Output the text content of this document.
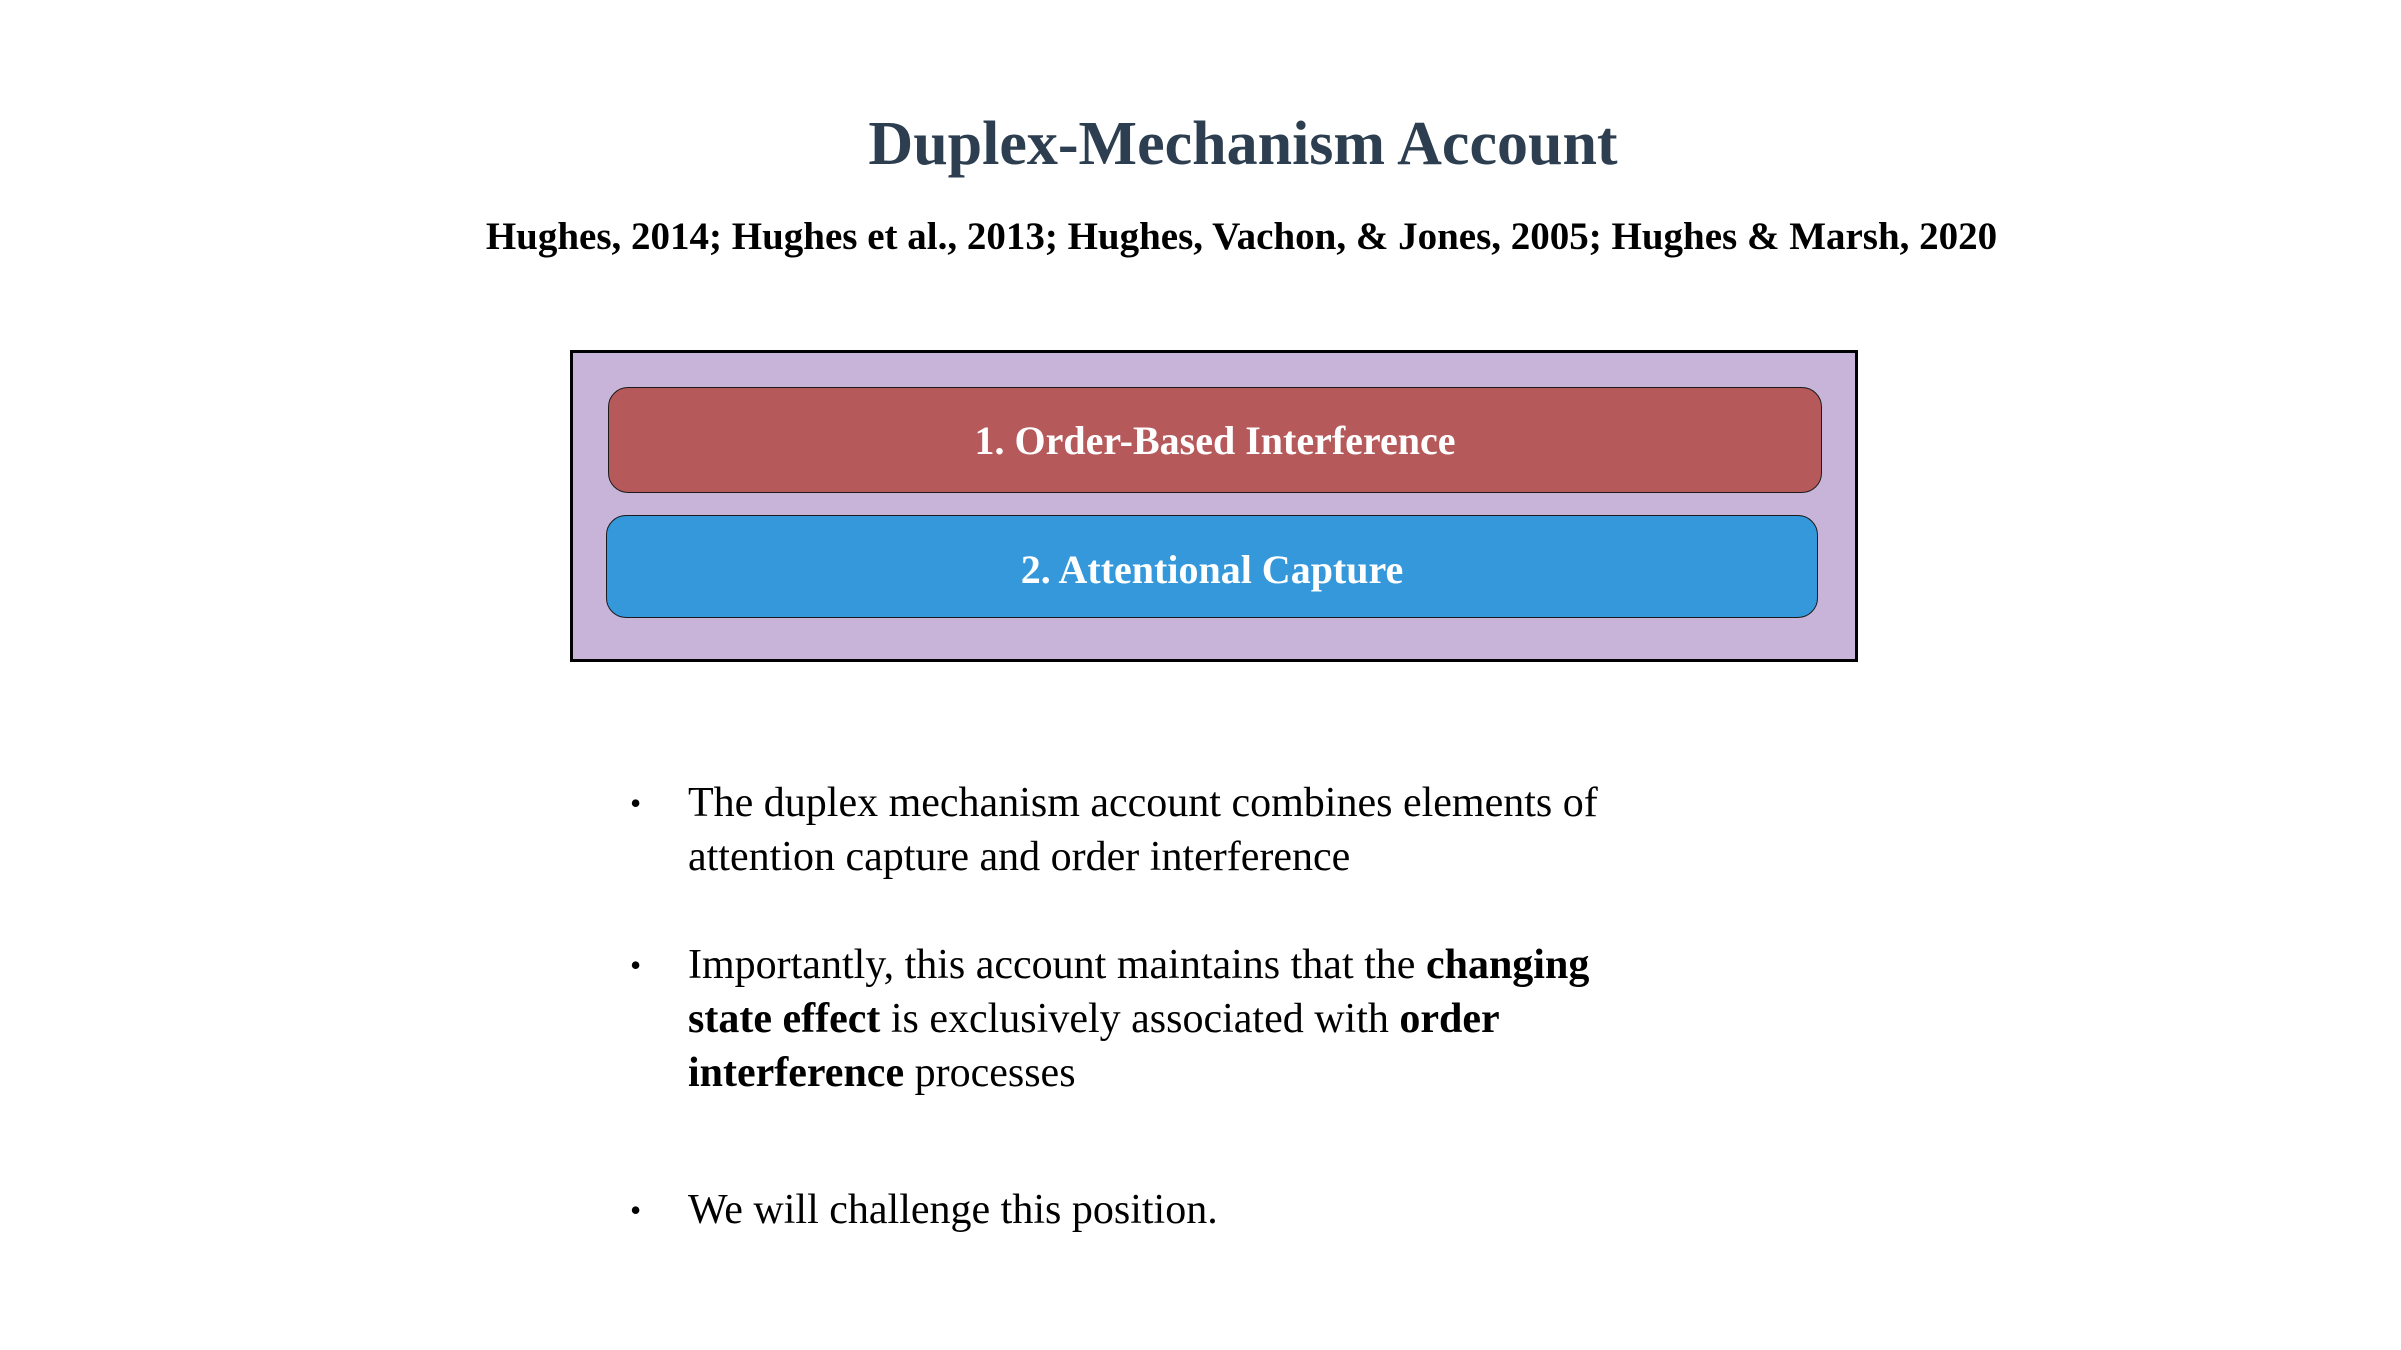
Duplex-Mechanism Account
Hughes, 2014; Hughes et al., 2013; Hughes, Vachon, & Jones, 2005; Hughes & Marsh, 2020
1. Order-Based Interference
2. Attentional Capture
•	The duplex mechanism account combines elements of
attention capture and order interference
•	Importantly, this account maintains that the changing
state effect is exclusively associated with order
interference processes
•	We will challenge this position.
